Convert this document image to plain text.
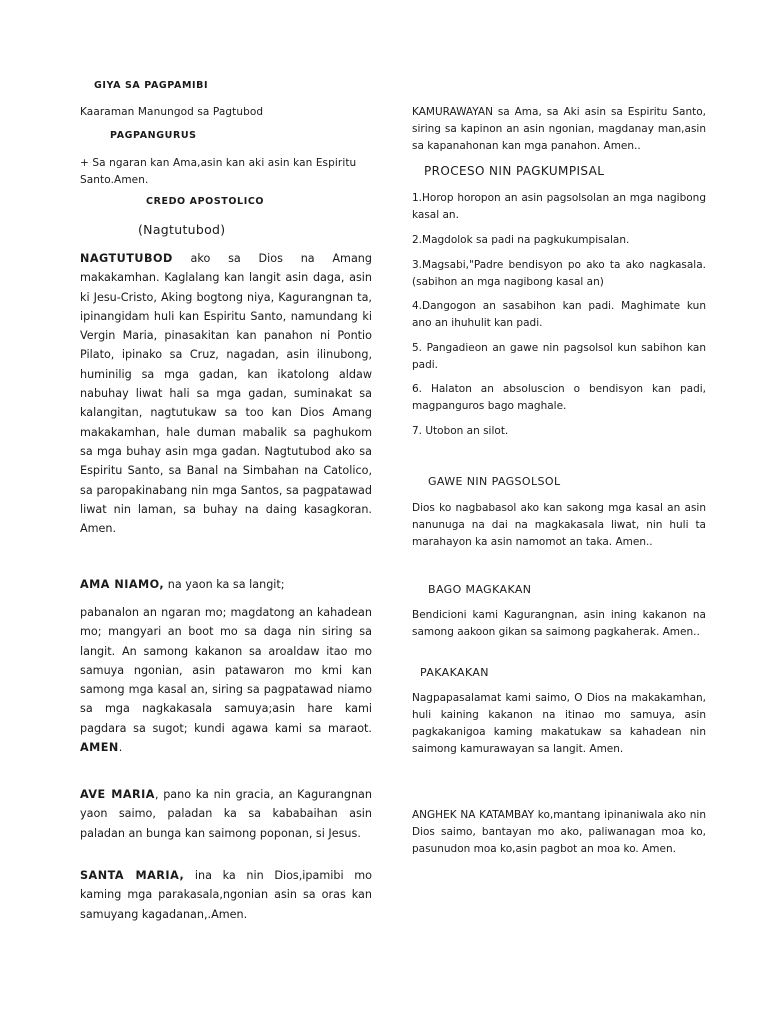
GIYA SA PAGPAMIBI

Kaaraman Manungod sa Pagtubod

PAGPANGURUS

+ Sa ngaran kan Ama,asin kan aki asin kan Espiritu Santo.Amen.

CREDO APOSTOLICO

(Nagtutubod)

NAGTUTUBOD ako sa Dios na Amang makakamhan. Kaglalang kan langit asin daga, asin ki Jesu-Cristo, Aking bogtong niya, Kagurangnan ta, ipinangidam huli kan Espiritu Santo, namundang ki Vergin Maria, pinasakitan kan panahon ni Pontio Pilato, ipinako sa Cruz, nagadan, asin ilinubong, huminilig sa mga gadan, kan ikatolong aldaw nabuhay liwat hali sa mga gadan, suminakat sa kalangitan, nagtutukaw sa too kan Dios Amang makakamhan, hale duman mabalik sa paghukom sa mga buhay asin mga gadan. Nagtutubod ako sa Espiritu Santo, sa Banal na Simbahan na Catolico, sa paropakinabang nin mga Santos, sa pagpatawad liwat nin laman, sa buhay na daing kasagkoran. Amen.

AMA NIAMO, na yaon ka sa langit;

pabanalon an ngaran mo; magdatong an kahadean mo; mangyari an boot mo sa daga nin siring sa langit. An samong kakanon sa aroaldaw itao mo samuya ngonian, asin patawaron mo kmi kan samong mga kasal an, siring sa pagpatawad niamo sa mga nagkakasala samuya;asin hare kami pagdara sa sugot; kundi agawa kami sa maraot. AMEN.

AVE MARIA, pano ka nin gracia, an Kagurangnan yaon saimo, paladan ka sa kababaihan asin paladan an bunga kan saimong poponan, si Jesus.

SANTA MARIA, ina ka nin Dios,ipamibi mo kaming mga parakasala,ngonian asin sa oras kan samuyang kagadanan,.Amen.

KAMURAWAYAN sa Ama, sa Aki asin sa Espiritu Santo, siring sa kapinon an asin ngonian, magdanay man,asin sa kapanahonan kan mga panahon. Amen..

PROCESO NIN PAGKUMPISAL

1.Horop horopon an asin pagsolsolan an mga nagibong kasal an.

2.Magdolok sa padi na pagkukumpisalan.

3.Magsabi,"Padre bendisyon po ako ta ako nagkasala.(sabihon an mga nagibong kasal an)

4.Dangogon an sasabihon kan padi. Maghimate kun ano an ihuhulit kan padi.

5. Pangadieon an gawe nin pagsolsol kun sabihon kan padi.

6. Halaton an absoluscion o bendisyon kan padi, magpanguros bago maghale.

7. Utobon an silot.

GAWE NIN PAGSOLSOL

Dios ko nagbabasol ako kan sakong mga kasal an asin nanunuga na dai na magkakasala liwat, nin huli ta marahayon ka asin namomot an taka. Amen..

BAGO MAGKAKAN

Bendicioni kami Kagurangnan, asin ining kakanon na samong aakoon gikan sa saimong pagkaherak. Amen..

PAKAKAKAN

Nagpapasalamat kami saimo, O Dios na makakamhan, huli kaining kakanon na itinao mo samuya, asin pagkakanigoa kaming makatukaw sa kahadean nin saimong kamurawayan sa langit. Amen.

ANGHEK NA KATAMBAY ko,mantang ipinaniwala ako nin Dios saimo, bantayan mo ako, paliwanagan moa ko, pasunudon moa ko,asin pagbot an moa ko. Amen.
